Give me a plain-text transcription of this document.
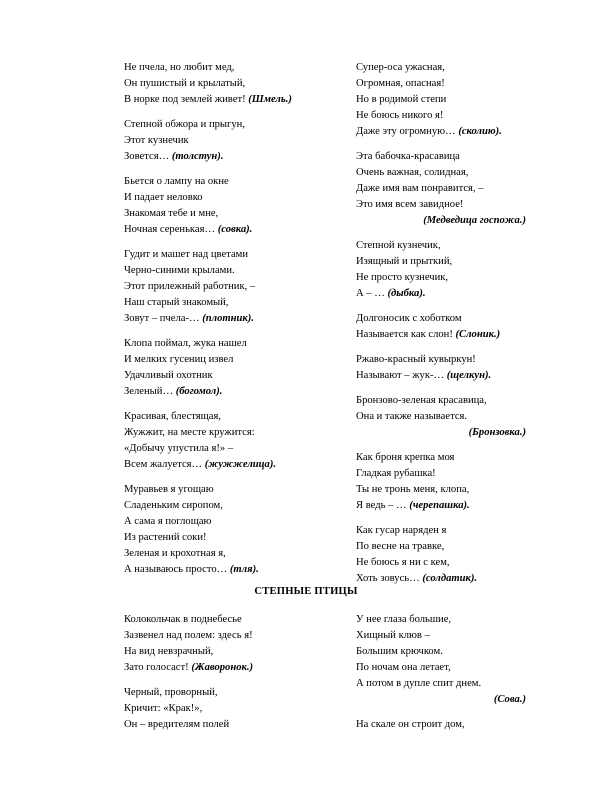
Не пчела, но любит мед,
Он пушистый и крылатый,
В норке под землей живет! (Шмель.)
Степной обжора и прыгун,
Этот кузнечик
Зовется… (толстун).
Бьется о лампу на окне
И падает неловко
Знакомая тебе и мне,
Ночная серенькая… (совка).
Гудит и машет над цветами
Черно-синими крылами.
Этот прилежный работник, –
Наш старый знакомый,
Зовут – пчела-… (плотник).
Клопа поймал, жука нашел
И мелких гусениц извел
Удачливый охотник
Зеленый… (богомол).
Красивая, блестящая,
Жужжит, на месте кружится:
«Добычу упустила я!» –
Всем жалуется… (жужжелица).
Муравьев я угощаю
Сладеньким сиропом,
А сама я поглощаю
Из растений соки!
Зеленая и крохотная я,
А называюсь просто… (тля).
Супер-оса ужасная,
Огромная, опасная!
Но в родимой степи
Не боюсь никого я!
Даже эту огромную… (сколию).
Эта бабочка-красавица
Очень важная, солидная,
Даже имя вам понравится, –
Это имя всем завидное!
(Медведица госпожа.)
Степной кузнечик,
Изящный и прыткий,
Не просто кузнечик,
А – … (дыбка).
Долгоносик с хоботком
Называется как слон! (Слоник.)
Ржаво-красный кувыркун!
Называют – жук-… (щелкун).
Бронзово-зеленая красавица,
Она и также называется.
(Бронзовка.)
Как броня крепка моя
Гладкая рубашка!
Ты не тронь меня, клопа,
Я ведь – … (черепашка).
Как гусар наряден я
По весне на травке,
Не боюсь я ни с кем,
Хоть зовусь… (солдатик).
СТЕПНЫЕ ПТИЦЫ
Колокольчак в поднебесье
Зазвенел над полем: здесь я!
На вид невзрачный,
Зато голосаст! (Жаворонок.)
Черный, проворный,
Кричит: «Крак!»,
Он – вредителям полей
У нее глаза большие,
Хищный клюв –
Большим крючком.
По ночам она летает,
А потом в дупле спит днем.
(Сова.)
На скале он строит дом,
